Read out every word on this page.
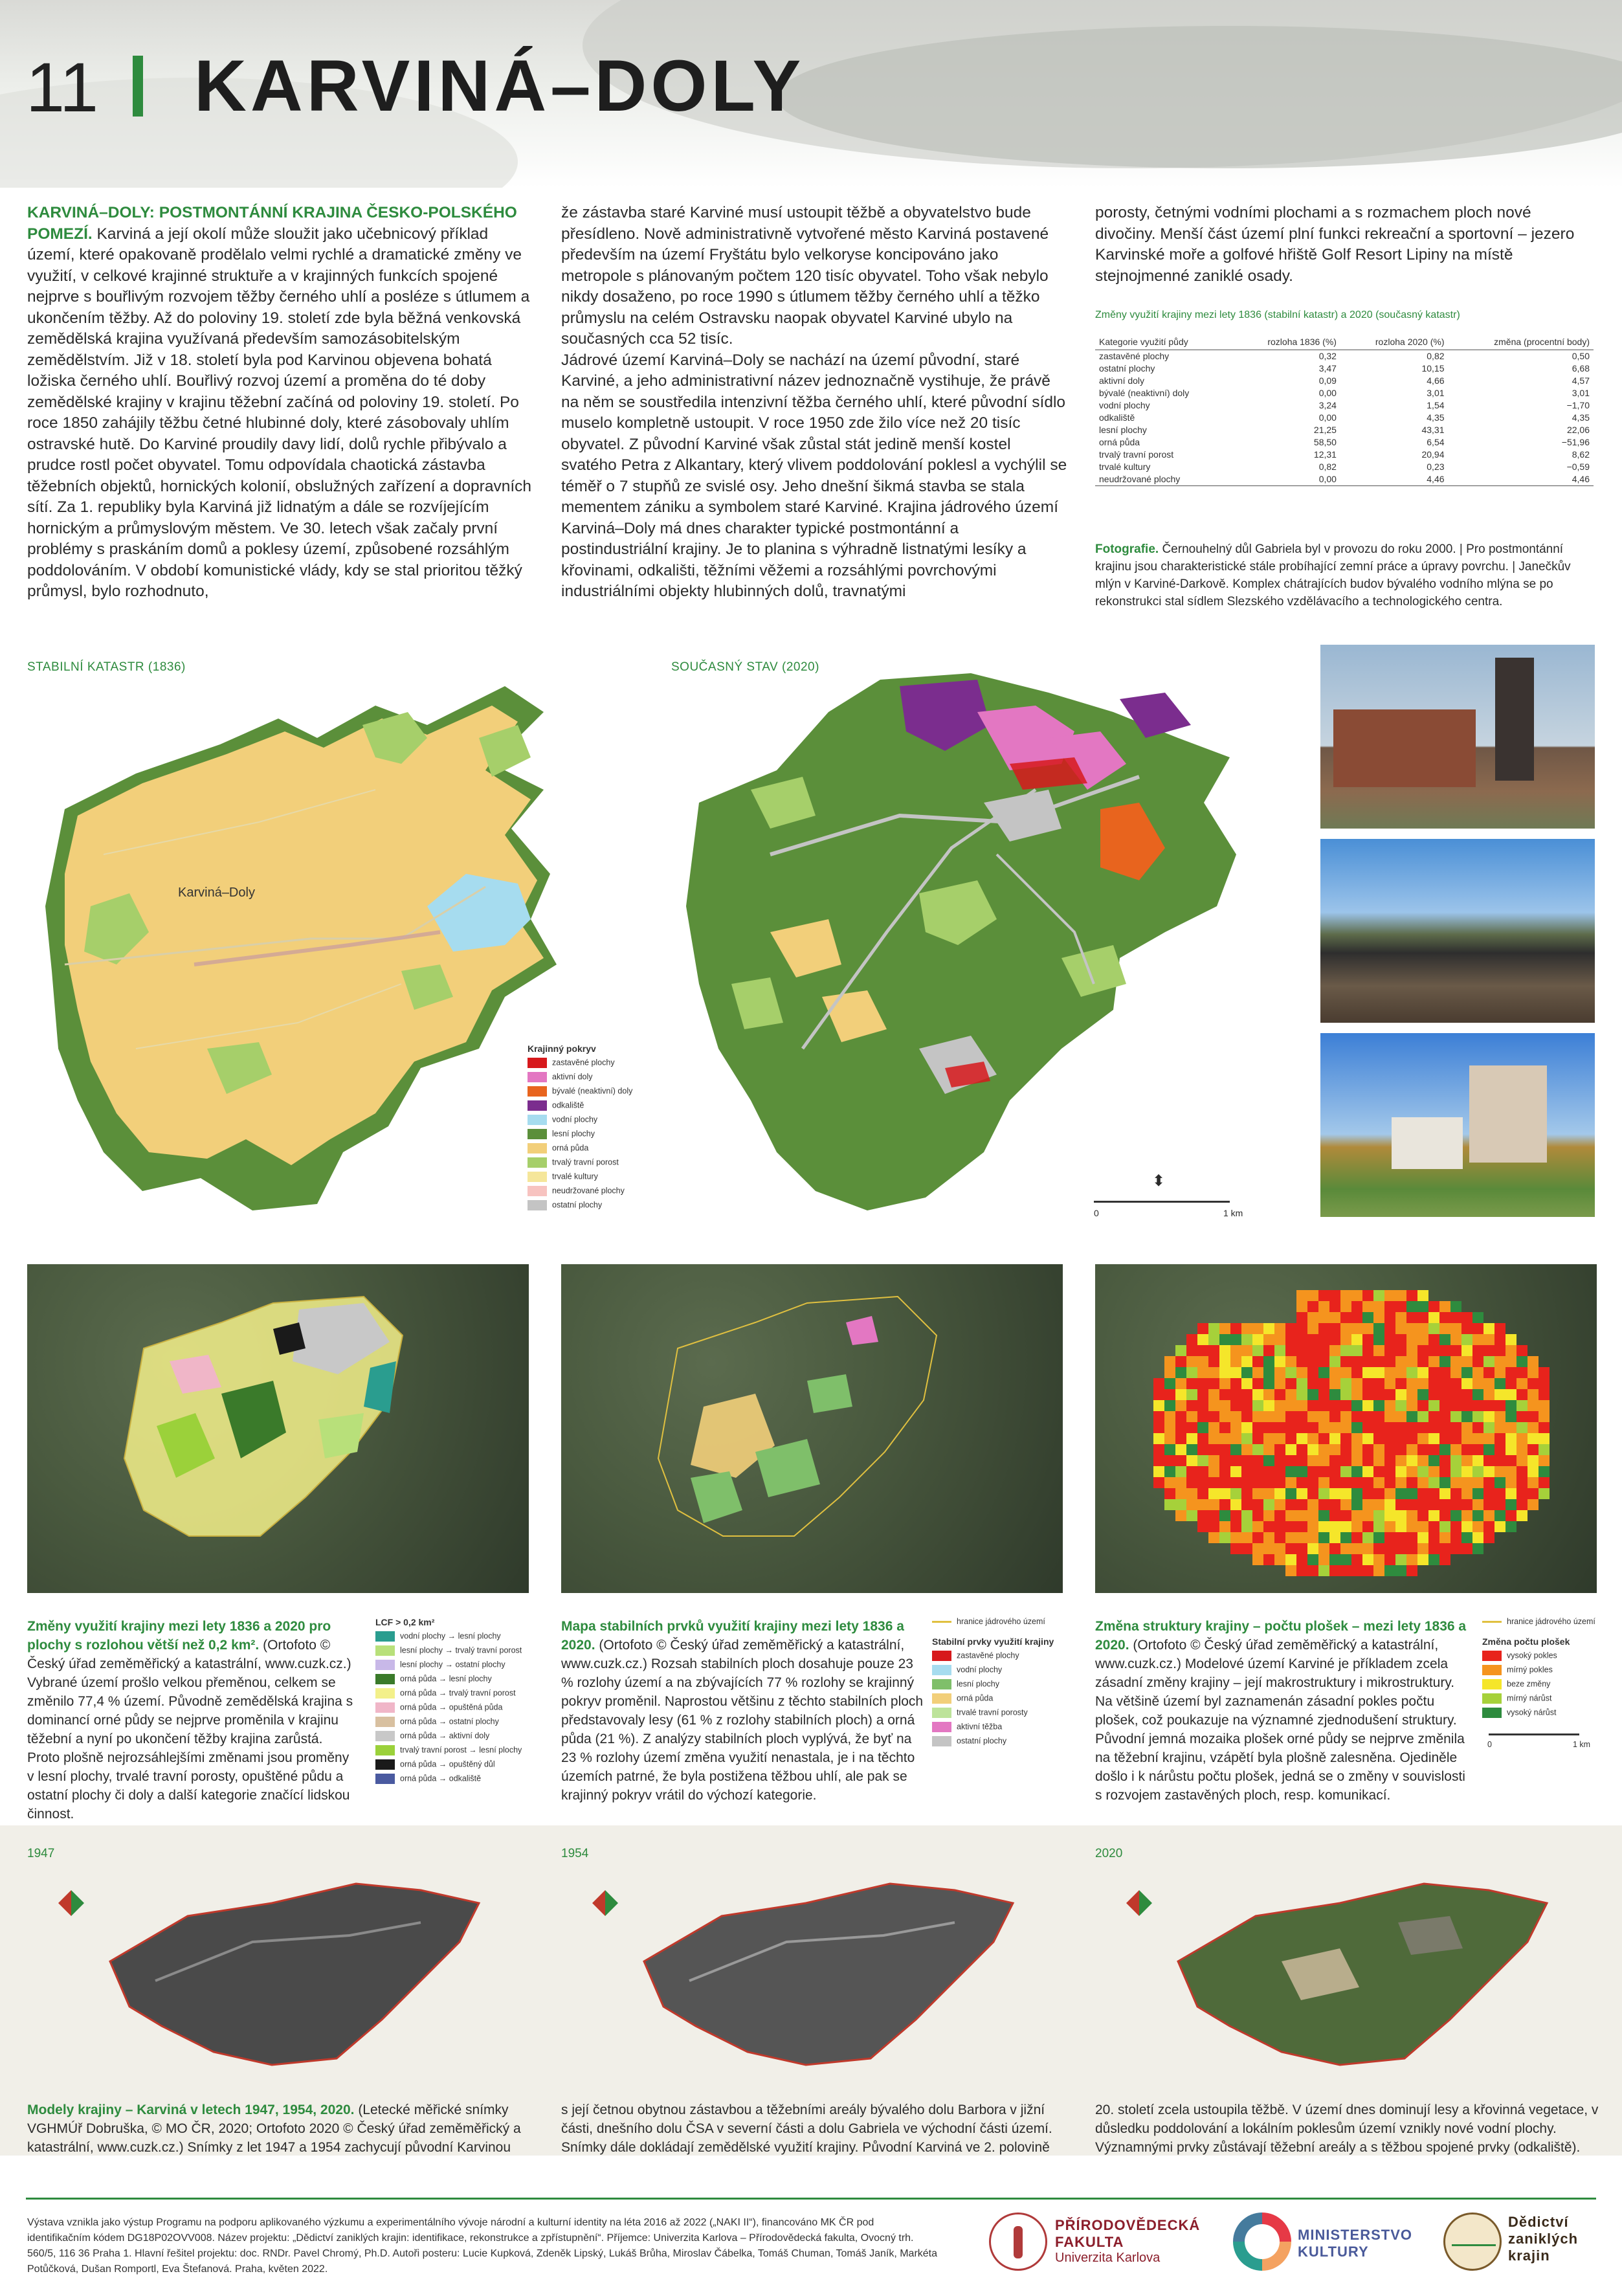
11 KARVINÁ–DOLY
KARVINÁ–DOLY: POSTMONTÁNNÍ KRAJINA ČESKO-POLSKÉHO POMEZÍ. Karviná a její okolí může sloužit jako učebnicový příklad území, které opakovaně prodělalo velmi rychlé a dramatické změny ve využití, v celkové krajinné struktuře a v krajinných funkcích spojené nejprve s bouřlivým rozvojem těžby černého uhlí a posléze s útlumem a ukončením těžby. Až do poloviny 19. století zde byla běžná venkovská zemědělská krajina využívaná především samozásobitelským zemědělstvím. Již v 18. století byla pod Karvinou objevena bohatá ložiska černého uhlí. Bouřlivý rozvoj území a proměna do té doby zemědělské krajiny v krajinu těžební začíná od poloviny 19. století. Po roce 1850 zahájily těžbu četné hlubinné doly, které zásobovaly uhlím ostravské hutě. Do Karviné proudily davy lidí, dolů rychle přibývalo a prudce rostl počet obyvatel. Tomu odpovídala chaotická zástavba těžebních objektů, hornických kolonií, obslužných zařízení a dopravních sítí. Za 1. republiky byla Karviná již lidnatým a dále se rozvíjejícím hornickým a průmyslovým městem. Ve 30. letech však začaly první problémy s praskáním domů a poklesy území, způsobené rozsáhlým poddolováním. V období komunistické vlády, kdy se stal prioritou těžký průmysl, bylo rozhodnuto,

že zástavba staré Karviné musí ustoupit těžbě a obyvatelstvo bude přesídleno. Nově administrativně vytvořené město Karviná postavené především na území Fryštátu bylo velkoryse koncipováno jako metropole s plánovaným počtem 120 tisíc obyvatel. Toho však nebylo nikdy dosaženo, po roce 1990 s útlumem těžby černého uhlí a těžko průmyslu na celém Ostravsku naopak obyvatel Karviné ubylo na současných cca 52 tisíc.

Jádrové území Karviná–Doly se nachází na území původní, staré Karviné, a jeho administrativní název jednoznačně vystihuje, že právě na něm se soustředila intenzivní těžba černého uhlí, které původní sídlo muselo kompletně ustoupit. V roce 1950 zde žilo více než 20 tisíc obyvatel. Z původní Karviné však zůstal stát jedině menší kostel svatého Petra z Alkantary, který vlivem poddolování poklesl a vychýlil se téměř o 7 stupňů ze svislé osy. Jeho dnešní šikmá stavba se stala mementem zániku a symbolem staré Karviné. Krajina jádrového území Karviná–Doly má dnes charakter typické postmontánní a postindustriální krajiny. Je to planina s výhradně listnatými lesíky a křovinami, odkališti, těžními věžemi a rozsáhlými povrchovými industriálními objekty hlubinných dolů, travnatými

porosty, četnými vodními plochami a s rozmachem ploch nové divočiny. Menší část území plní funkci rekreační a sportovní – jezero Karvinské moře a golfové hřiště Golf Resort Lipiny na místě stejnojmenné zaniklé osady.

Změny využití krajiny mezi lety 1836 (stabilní katastr) a 2020 (současný katastr)
Kategorie využití půdy	rozloha 1836 (%)	rozloha 2020 (%)	změna (procentní body)
zastavěné plochy	0,32	0,82	0,50
ostatní plochy	3,47	10,15	6,68
aktivní doly	0,09	4,66	4,57
bývalé (neaktivní) doly	0,00	3,01	3,01
vodní plochy	3,24	1,54	−1,70
odkaliště	0,00	4,35	4,35
lesní plochy	21,25	43,31	22,06
orná půda	58,50	6,54	−51,96
trvalý travní porost	12,31	20,94	8,62
trvalé kultury	0,82	0,23	−0,59
neudržované plochy	0,00	4,46	4,46
Fotografie. Černouhelný důl Gabriela byl v provozu do roku 2000. | Pro postmontánní krajinu jsou charakteristické stále probíhající zemní práce a úpravy povrchu. | Janečkův mlýn v Karviné-Darkově. Komplex chátrajících budov bývalého vodního mlýna se po rekonstrukci stal sídlem Slezského vzdělávacího a technologického centra.
STABILNÍ KATASTR (1836)	SOUČASNÝ STAV (2020)
Karviná–Doly
Krajinný pokryv
zastavěné plochy
aktivní doly
bývalé (neaktivní) doly
odkaliště
vodní plochy
lesní plochy
orná půda
trvalý travní porost
trvalé kultury
neudržované plochy
ostatní plochy
⬍
0	1 km
Změny využití krajiny mezi lety 1836 a 2020 pro plochy s rozlohou větší než 0,2 km². (Ortofoto © Český úřad zeměměřický a katastrální, www.cuzk.cz.) Vybrané území prošlo velkou přeměnou, celkem se změnilo 77,4 % území. Původně zemědělská krajina s dominancí orné půdy se nejprve proměnila v krajinu těžební a nyní po ukončení těžby krajina zarůstá. Proto plošně nejrozsáhlejšími změnami jsou proměny v lesní plochy, trvalé travní porosty, opuštěné půdu a ostatní plochy či doly a další kategorie značící lidskou činnost.
LCF > 0,2 km²
vodní plochy → lesní plochy
lesní plochy → trvalý travní porost
lesní plochy → ostatní plochy
orná půda → lesní plochy
orná půda → trvalý travní porost
orná půda → opuštěná půda
orná půda → ostatní plochy
orná půda → aktivní doly
trvalý travní porost → lesní plochy
orná půda → opuštěný důl
orná půda → odkaliště
Mapa stabilních prvků využití krajiny mezi lety 1836 a 2020. (Ortofoto © Český úřad zeměměřický a katastrální, www.cuzk.cz.) Rozsah stabilních ploch dosahuje pouze 23 % rozlohy území a na zbývajících 77 % rozlohy se krajinný pokryv proměnil. Naprostou většinu z těchto stabilních ploch představovaly lesy (61 % z rozlohy stabilních ploch) a orná půda (21 %). Z analýzy stabilních ploch vyplývá, že byť na 23 % rozlohy území změna využití nenastala, je i na těchto územích patrné, že byla postižena těžbou uhlí, ale pak se krajinný pokryv vrátil do výchozí kategorie.
hranice jádrového území
Stabilní prvky využití krajiny
zastavěné plochy
vodní plochy
lesní plochy
orná půda
trvalé travní porosty
aktivní těžba
ostatní plochy
Změna struktury krajiny – počtu plošek – mezi lety 1836 a 2020. (Ortofoto © Český úřad zeměměřický a katastrální, www.cuzk.cz.) Modelové území Karviné je příkladem zcela zásadní změny krajiny – její makrostruktury i mikrostruktury. Na většině území byl zaznamenán zásadní pokles počtu plošek, což poukazuje na významné zjednodušení struktury. Původní jemná mozaika plošek orné půdy se nejprve změnila na těžební krajinu, vzápětí byla plošně zalesněna. Ojediněle došlo i k nárůstu počtu plošek, jedná se o změny v souvislosti s rozvojem zastavěných ploch, resp. komunikací.
hranice jádrového území
Změna počtu plošek
vysoký pokles
mírný pokles
beze změny
mírný nárůst
vysoký nárůst
0	1 km
1947	1954	2020
Modely krajiny – Karviná v letech 1947, 1954, 2020. (Letecké měřické snímky VGHMÚř Dobruška, © MO ČR, 2020; Ortofoto 2020 © Český úřad zeměměřický a katastrální, www.cuzk.cz.) Snímky z let 1947 a 1954 zachycují původní Karvinou
s její četnou obytnou zástavbou a těžebními areály bývalého dolu Barbora v jižní části, dnešního dolu ČSA v severní části a dolu Gabriela ve východní části území. Snímky dále dokládají zemědělské využití krajiny. Původní Karviná ve 2. polovině
20. století zcela ustoupila těžbě. V území dnes dominují lesy a křovinná vegetace, v důsledku poddolování a lokálním poklesům území vznikly nové vodní plochy. Významnými prvky zůstávají těžební areály a s těžbou spojené prvky (odkaliště).
Výstava vznikla jako výstup Programu na podporu aplikovaného výzkumu a experimentálního vývoje národní a kulturní identity na léta 2016 až 2022 („NAKI II“), financováno MK ČR pod identifikačním kódem DG18P02OVV008. Název projektu: „Dědictví zaniklých krajin: identifikace, rekonstrukce a zpřístupnění“. Příjemce: Univerzita Karlova – Přírodovědecká fakulta, Ovocný trh. 560/5, 116 36 Praha 1. Hlavní řešitel projektu: doc. RNDr. Pavel Chromý, Ph.D. Autoři posteru: Lucie Kupková, Zdeněk Lipský, Lukáš Brůha, Miroslav Čábelka, Tomáš Chuman, Tomáš Janík, Markéta Potůčková, Dušan Romportl, Eva Štefanová. Praha, květen 2022.
PŘÍRODOVĚDECKÁ
FAKULTA
Univerzita Karlova
MINISTERSTVO
KULTURY
Dědictví
zaniklých
krajin
